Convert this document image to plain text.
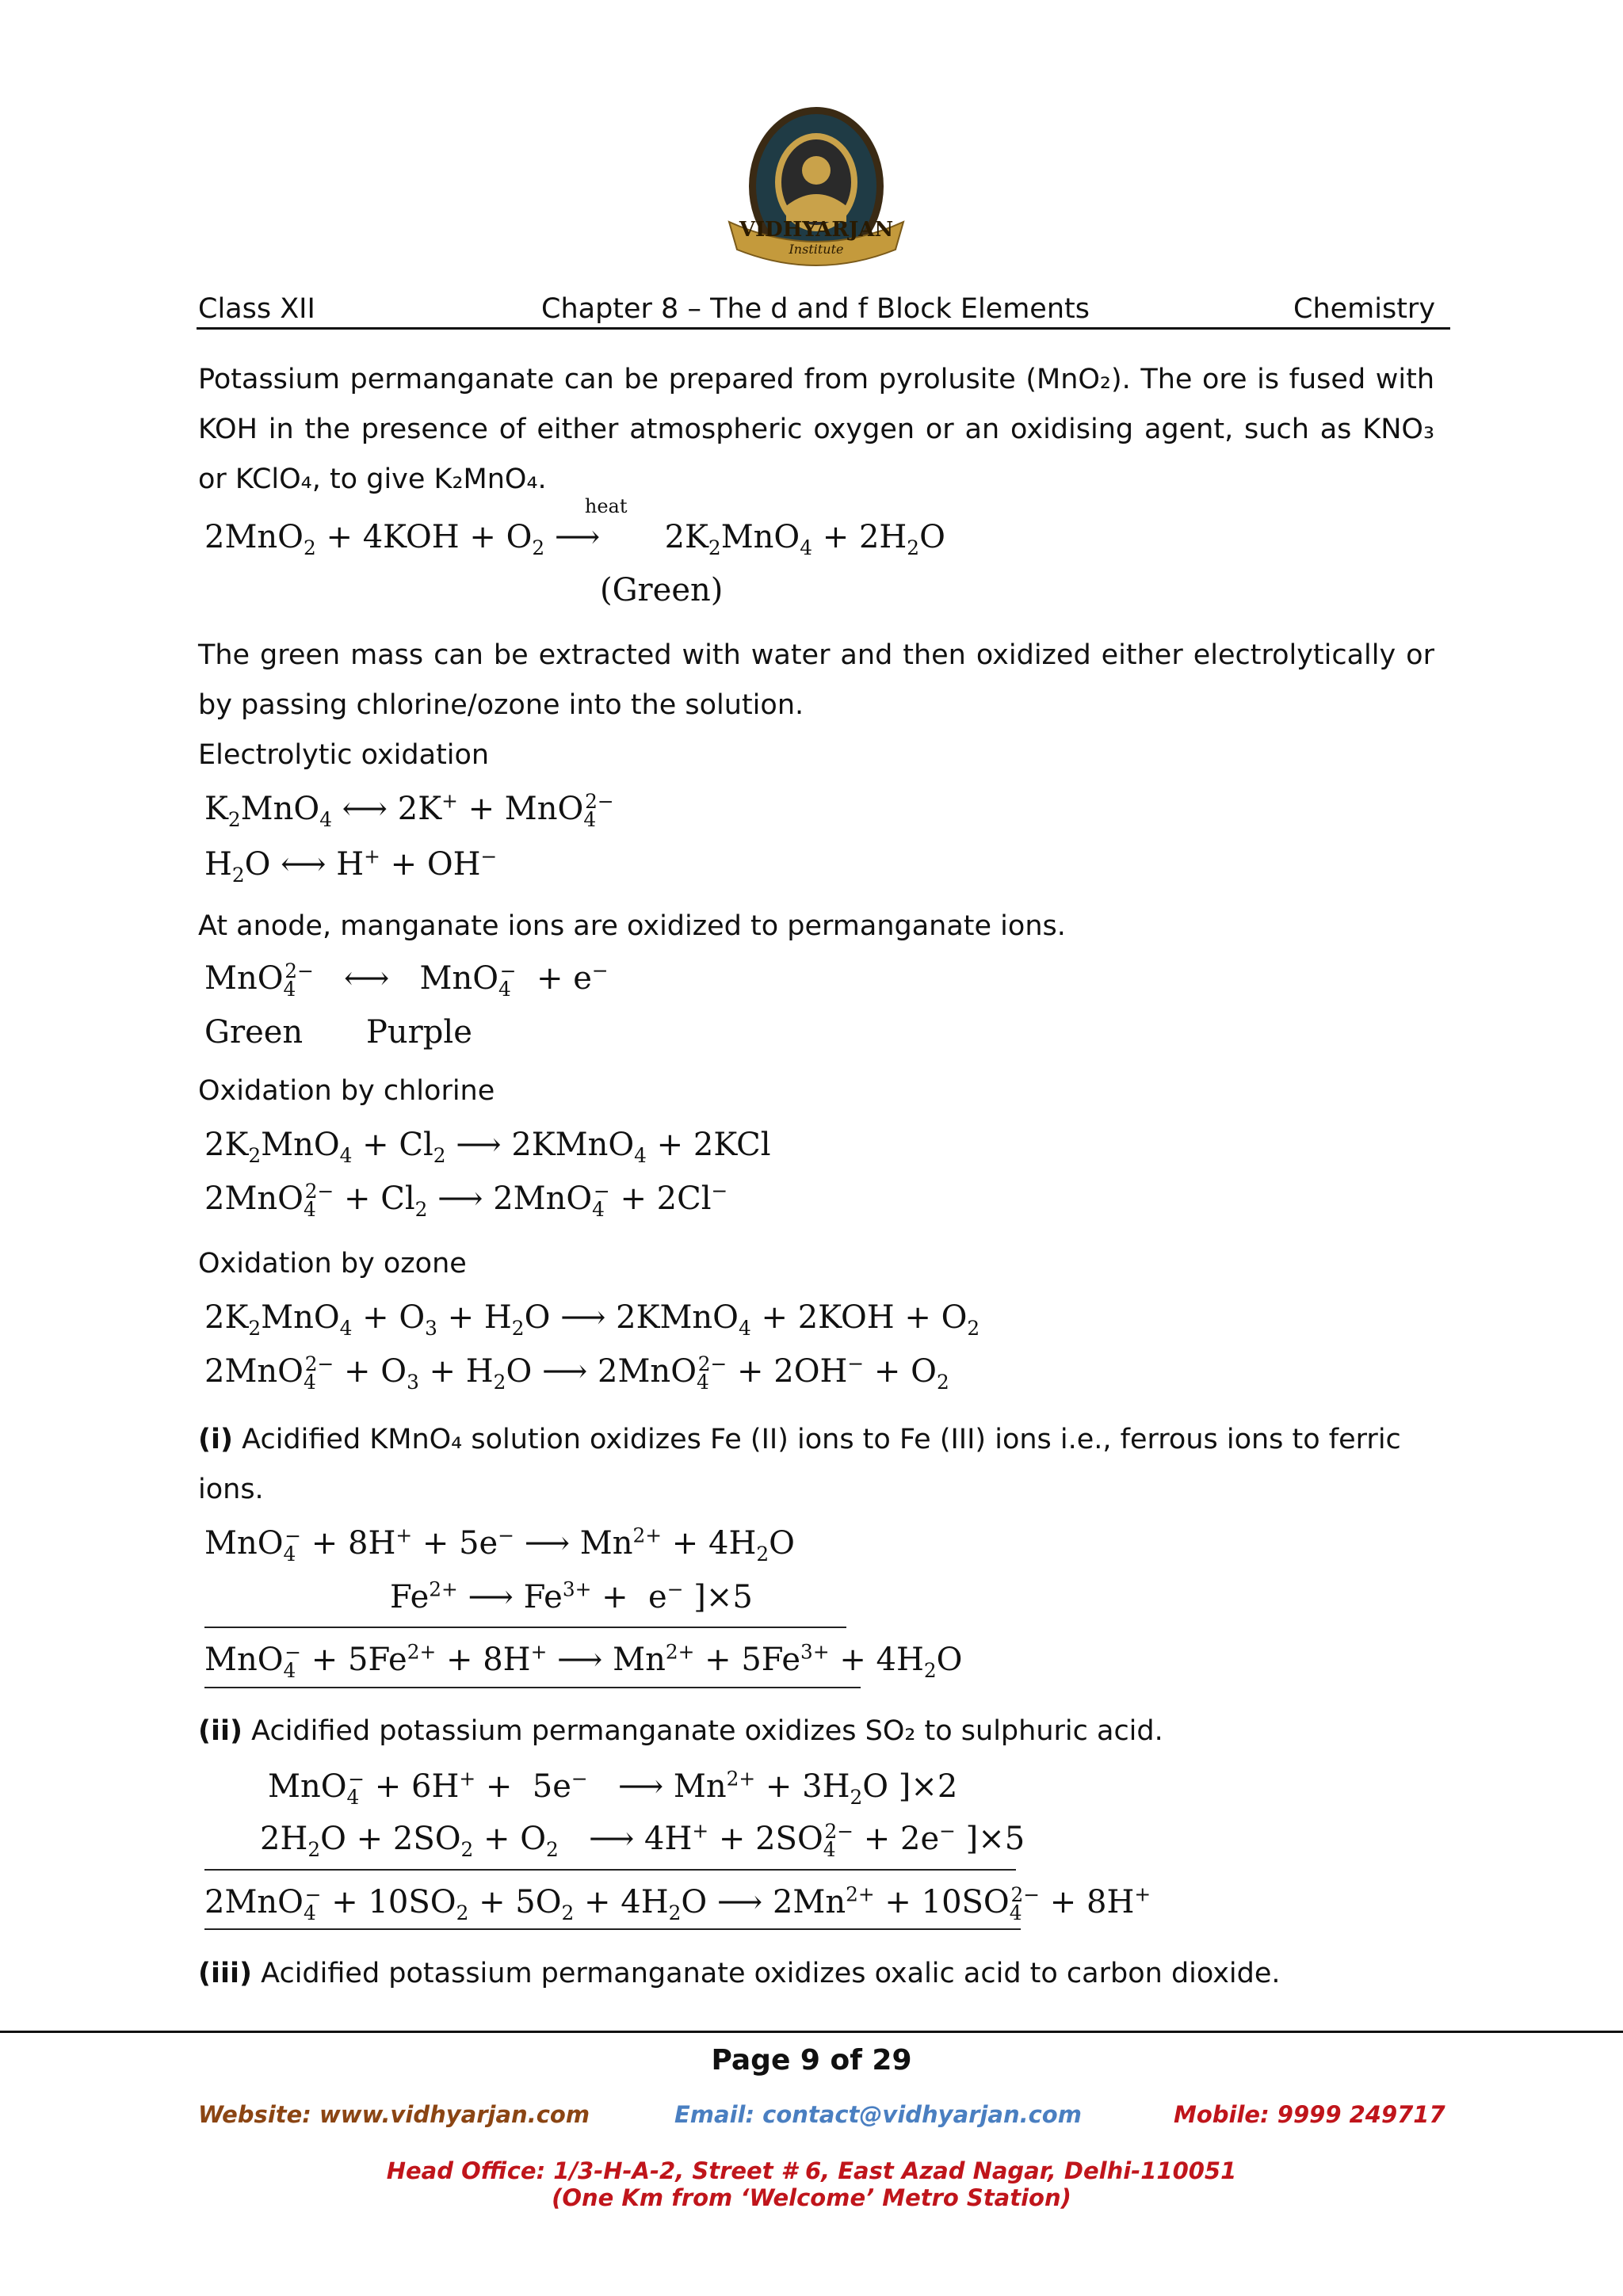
VIDHYARJAN
Institute
Class XII	Chapter 8 – The d and f Block Elements	Chemistry
Potassium permanganate can be prepared from pyrolusite (MnO₂). The ore is fused with
KOH in the presence of either atmospheric oxygen or an oxidising agent, such as KNO₃
or KClO₄, to give K₂MnO₄.
$2MnO_2 + 4KOH + O_2$
heat
⟶ $2K_2MnO_4 + 2H_2O$
(Green)
The green mass can be extracted with water and then oxidized either electrolytically or
by passing chlorine/ozone into the solution.
Electrolytic oxidation
$K_2MnO_4$ ⟷ 2K+ + MnO$_4^{2-}$
$H_2O$ ⟷ H+ + OH−
At anode, manganate ions are oxidized to permanganate ions.
MnO$_4^{2-}$   ⟷   MnO$_4$−  + e−
Green Purple
Oxidation by chlorine
$2K_2MnO_4 + Cl_2$ ⟶ 2KMnO$_4$ + 2KCl
$2MnO_4^{2-} + Cl_2$ ⟶ 2MnO$_4$− + 2Cl−
Oxidation by ozone
$2K_2MnO_4 + O_3 + H_2O$ ⟶ 2KMnO$_4$ + $2KOH + O_2$
$2MnO_4^{2-} + O_3 + H_2O$ ⟶ $2MnO_4^{2-} + 2OH^- + O_2$
(i) Acidified KMnO₄ solution oxidizes Fe (II) ions to Fe (III) ions i.e., ferrous ions to ferric
ions.
MnO$_4$− + 8H+ + 5e− ⟶ $Mn^{2+} + 4H_2O$
$Fe^{2+}$ ⟶ $Fe^{3+} + e^-$ ]×5
$MnO_4^- + 5Fe^{2+} + 8H^+$ ⟶ $Mn^{2+} + 5Fe^{3+} + 4H_2O$
(ii) Acidified potassium permanganate oxidizes SO₂ to sulphuric acid.
MnO$_4$− + 6H+ +  5e−   ⟶ $Mn^{2+} + 3H_2O$ ]×2
$2H_2O + 2SO_2 + O_2$   ⟶ $4H^+ + 2SO_4^{2-} + 2e^-$ ]×5
$2MnO_4^- + 10SO_2 + 5O_2 + 4H_2O$ ⟶ $2Mn^{2+} + 10SO_4^{2-} + 8H^+$
(iii) Acidified potassium permanganate oxidizes oxalic acid to carbon dioxide.
Page 9 of 29
Website: www.vidhyarjan.com	Email: contact@vidhyarjan.com	Mobile: 9999 249717
Head Office: 1/3-H-A-2, Street # 6, East Azad Nagar, Delhi-110051
(One Km from ‘Welcome’ Metro Station)
